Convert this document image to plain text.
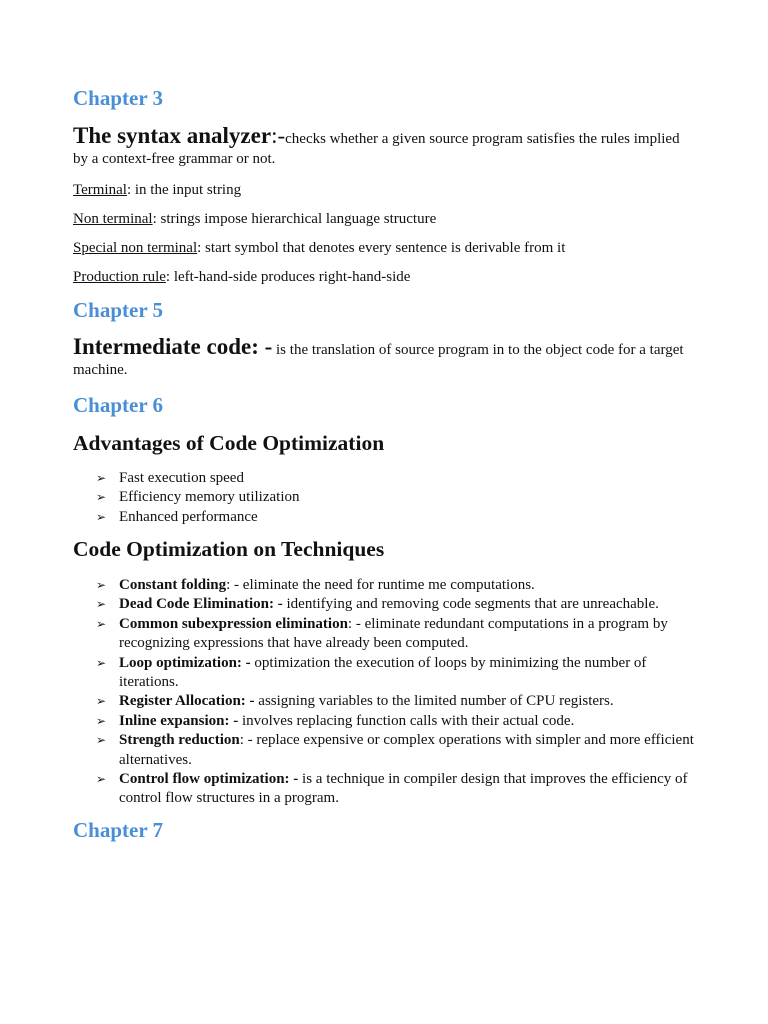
Chapter 3

The syntax analyzer:-checks whether a given source program satisfies the rules implied by a context-free grammar or not.

Terminal: in the input string

Non terminal: strings impose hierarchical language structure

Special non terminal: start symbol that denotes every sentence is derivable from it

Production rule: left-hand-side produces right-hand-side

Chapter 5

Intermediate code: - is the translation of source program in to the object code for a target machine.

Chapter 6
Advantages of Code Optimization
➢ Fast execution speed
➢ Efficiency memory utilization
➢ Enhanced performance
Code Optimization on Techniques
➢ Constant folding: - eliminate the need for runtime me computations.
➢ Dead Code Elimination: - identifying and removing code segments that are unreachable.
➢ Common subexpression elimination: - eliminate redundant computations in a program by recognizing expressions that have already been computed.
➢ Loop optimization: - optimization the execution of loops by minimizing the number of iterations.
➢ Register Allocation: - assigning variables to the limited number of CPU registers.
➢ Inline expansion: - involves replacing function calls with their actual code.
➢ Strength reduction: - replace expensive or complex operations with simpler and more efficient alternatives.
➢ Control flow optimization: - is a technique in compiler design that improves the efficiency of control flow structures in a program.
Chapter 7
